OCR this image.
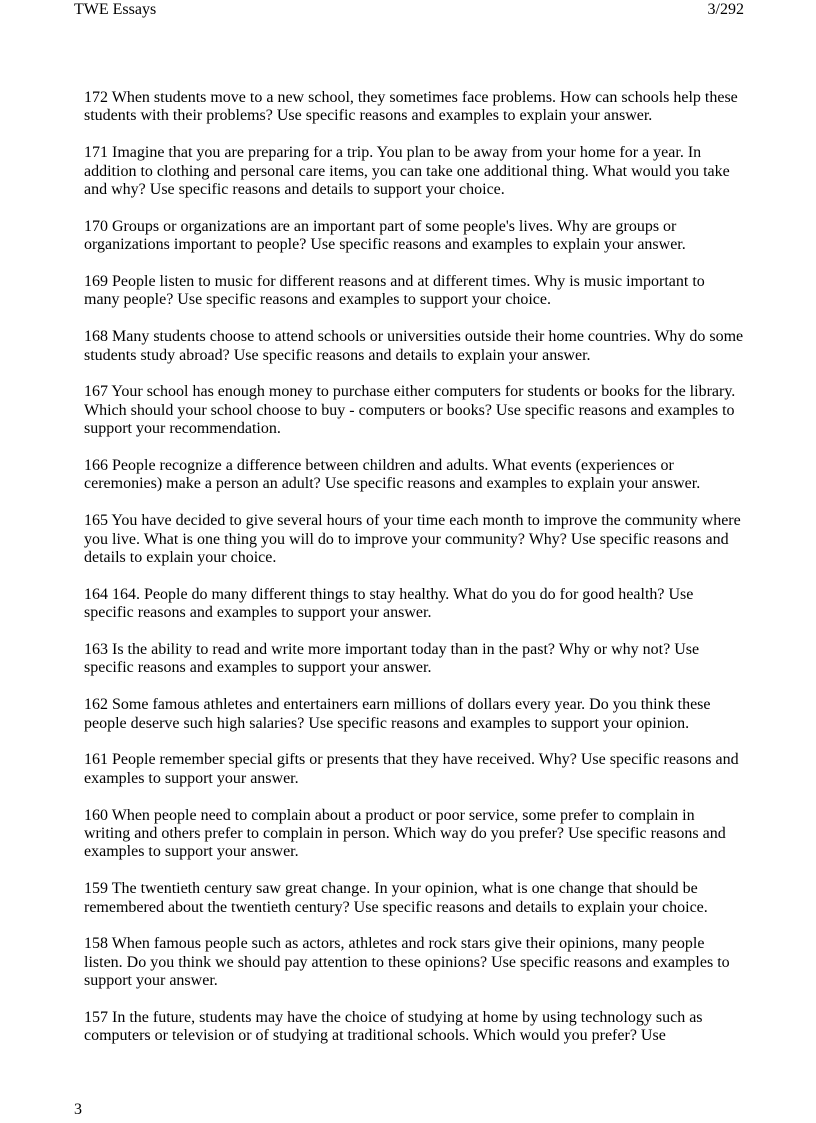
TWE Essays	3/292

172 When students move to a new school, they sometimes face problems. How can schools help these students with their problems? Use specific reasons and examples to explain your answer.

171 Imagine that you are preparing for a trip. You plan to be away from your home for a year. In addition to clothing and personal care items, you can take one additional thing. What would you take and why? Use specific reasons and details to support your choice.

170 Groups or organizations are an important part of some people's lives. Why are groups or organizations important to people? Use specific reasons and examples to explain your answer.

169 People listen to music for different reasons and at different times. Why is music important to many people? Use specific reasons and examples to support your choice.

168 Many students choose to attend schools or universities outside their home countries. Why do some students study abroad? Use specific reasons and details to explain your answer.

167 Your school has enough money to purchase either computers for students or books for the library. Which should your school choose to buy - computers or books? Use specific reasons and examples to support your recommendation.

166 People recognize a difference between children and adults. What events (experiences or ceremonies) make a person an adult? Use specific reasons and examples to explain your answer.

165 You have decided to give several hours of your time each month to improve the community where you live. What is one thing you will do to improve your community? Why? Use specific reasons and details to explain your choice.

164 164. People do many different things to stay healthy. What do you do for good health? Use specific reasons and examples to support your answer.

163 Is the ability to read and write more important today than in the past? Why or why not? Use specific reasons and examples to support your answer.

162 Some famous athletes and entertainers earn millions of dollars every year. Do you think these people deserve such high salaries? Use specific reasons and examples to support your opinion.

161 People remember special gifts or presents that they have received. Why? Use specific reasons and examples to support your answer.

160 When people need to complain about a product or poor service, some prefer to complain in writing and others prefer to complain in person. Which way do you prefer? Use specific reasons and examples to support your answer.

159 The twentieth century saw great change. In your opinion, what is one change that should be remembered about the twentieth century? Use specific reasons and details to explain your choice.

158 When famous people such as actors, athletes and rock stars give their opinions, many people listen. Do you think we should pay attention to these opinions? Use specific reasons and examples to support your answer.

157 In the future, students may have the choice of studying at home by using technology such as computers or television or of studying at traditional schools. Which would you prefer? Use

3
